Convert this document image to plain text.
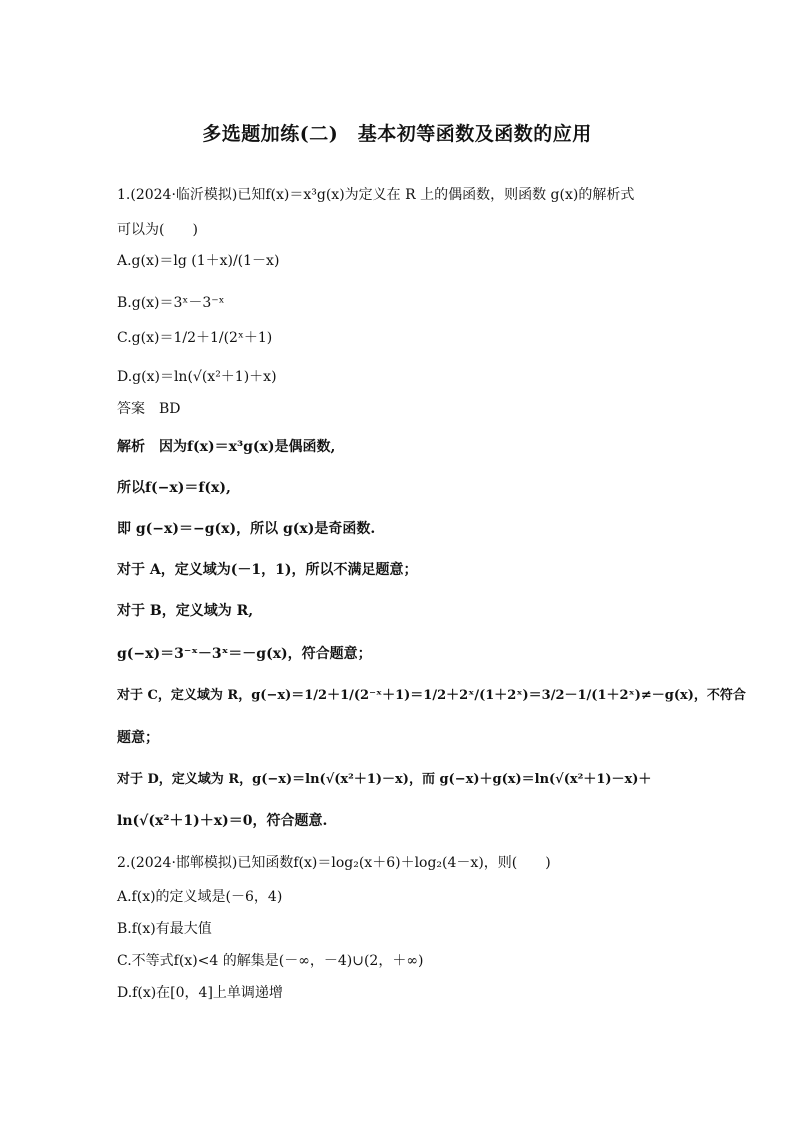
多选题加练(二)　基本初等函数及函数的应用
1.(2024·临沂模拟)已知f(x)＝x³g(x)为定义在 R 上的偶函数，则函数 g(x)的解析式
可以为(　　)
A.g(x)＝lg (1＋x)/(1－x)
B.g(x)＝3ˣ－3⁻ˣ
C.g(x)＝1/2＋1/(2ˣ＋1)
D.g(x)＝ln(√(x²＋1)＋x)
答案　BD
解析　因为f(x)＝x³g(x)是偶函数,
所以f(−x)＝f(x),
即 g(−x)＝−g(x)，所以 g(x)是奇函数.
对于 A，定义域为(－1，1)，所以不满足题意；
对于 B，定义域为 R,
g(−x)＝3⁻ˣ－3ˣ＝－g(x)，符合题意；
对于 C，定义域为 R，g(−x)＝1/2＋1/(2⁻ˣ＋1)＝1/2＋2ˣ/(1＋2ˣ)＝3/2－1/(1＋2ˣ)≠－g(x)，不符合
题意；
对于 D，定义域为 R，g(−x)＝ln(√(x²＋1)－x)，而 g(−x)＋g(x)＝ln(√(x²＋1)－x)＋
ln(√(x²＋1)＋x)＝0，符合题意.
2.(2024·邯郸模拟)已知函数f(x)＝log₂(x＋6)＋log₂(4－x)，则(　　)
A.f(x)的定义域是(－6，4)
B.f(x)有最大值
C.不等式f(x)<4 的解集是(－∞，－4)∪(2，＋∞)
D.f(x)在[0，4]上单调递增
